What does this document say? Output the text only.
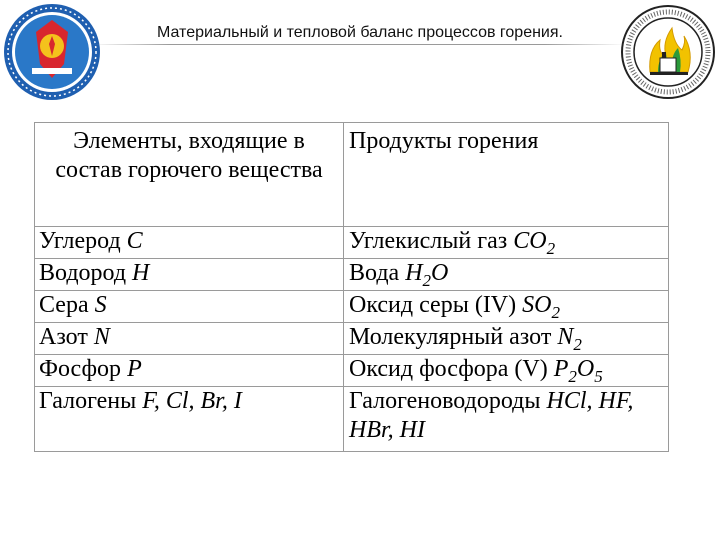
Материальный и тепловой баланс процессов горения.
Элементы, входящие в состав горючего вещества	Продукты горения
Углерод C	Углекислый газ $CO_2$
Водород H	Вода $H_2O$
Сера S	Оксид серы (IV) $SO_2$
Азот N	Молекулярный азот $N_2$
Фосфор P	Оксид фосфора (V) $P_2O_5$
Галогены F, Cl, Br, I	Галогеноводороды HCl, HF, HBr, HI
